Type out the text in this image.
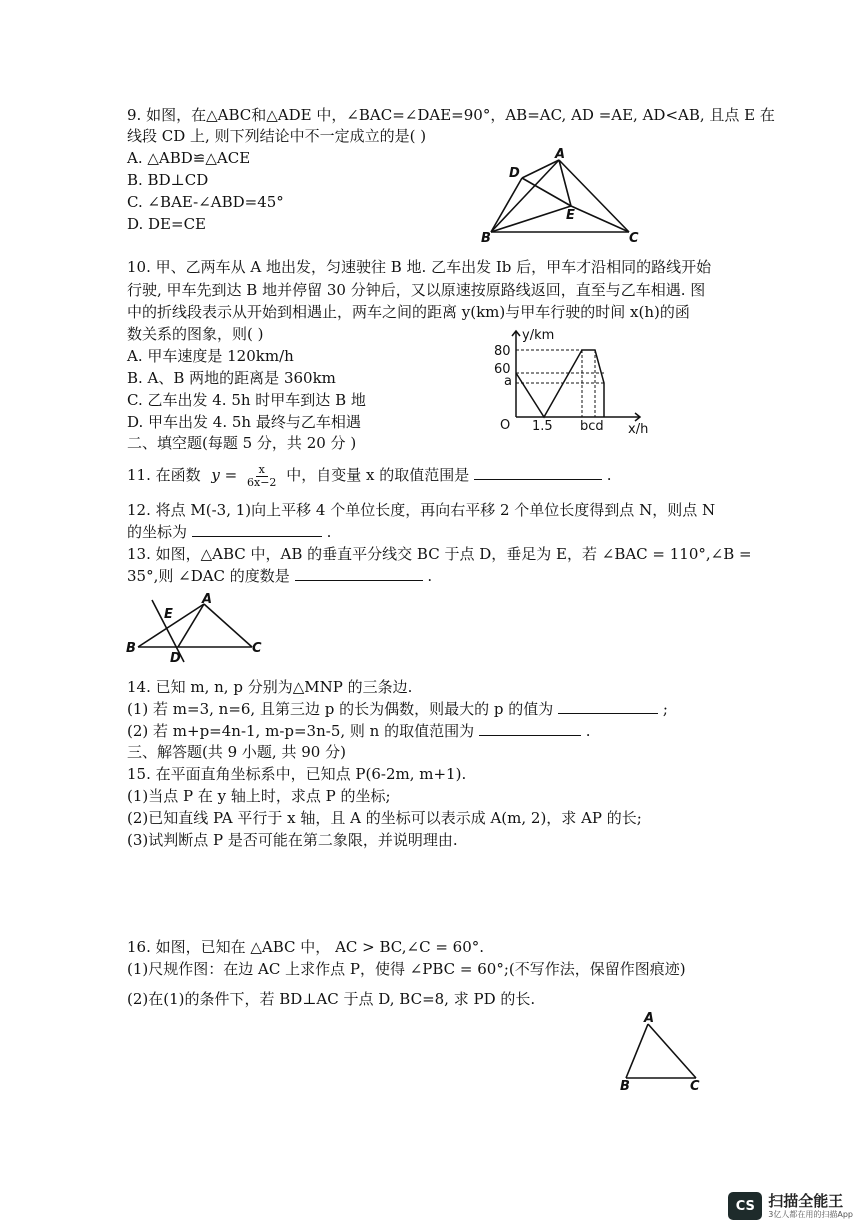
9. 如图，在△ABC和△ADE 中，∠BAC=∠DAE=90°，AB=AC, AD =AE, AD<AB, 且点 E 在
线段 CD 上, 则下列结论中不一定成立的是( )
A. △ABD≌△ACE
B. BD⊥CD
C. ∠BAE-∠ABD=45°
D. DE=CE
A
D
E
B	C
10. 甲、乙两车从 A 地出发，匀速驶往 B 地. 乙车出发 Ib 后，甲车才沿相同的路线开始
行驶, 甲车先到达 B 地并停留 30 分钟后，又以原速按原路线返回，直至与乙车相遇. 图
中的折线段表示从开始到相遇止，两车之间的距离 y(km)与甲车行驶的时间 x(h)的函
数关系的图象，则( )
A. 甲车速度是 120km/h
B. A、B 两地的距离是 360km
C. 乙车出发 4. 5h 时甲车到达 B 地
D. 甲车出发 4. 5h 最终与乙车相遇
y/km
x/h
O
80
60
a
1.5 bcd
二、填空题(每题 5 分，共 20 分 )
11. 在函数 $y = \frac{x}{6x-2}$ 中，自变量 x 的取值范围是	.
12. 将点 M(-3, 1)向上平移 4 个单位长度，再向右平移 2 个单位长度得到点 N，则点 N
的坐标为	.
13. 如图，△ABC 中，AB 的垂直平分线交 BC 于点 D，垂足为 E，若 ∠BAC = 110°,∠B =
35°,则 ∠DAC 的度数是	.
A
E
B	C
D
14. 已知 m, n, p 分别为△MNP 的三条边.
(1) 若 m=3, n=6, 且第三边 p 的长为偶数，则最大的 p 的值为	;
(2) 若 m+p=4n-1, m-p=3n-5, 则 n 的取值范围为	.
三、解答题(共 9 小题, 共 90 分)
15. 在平面直角坐标系中，已知点 P(6-2m, m+1).
(1)当点 P 在 y 轴上时，求点 P 的坐标;
(2)已知直线 PA 平行于 x 轴，且 A 的坐标可以表示成 A(m, 2)，求 AP 的长;
(3)试判断点 P 是否可能在第二象限，并说明理由.
16. 如图，已知在 △ABC 中， AC > BC,∠C = 60°.
(1)尺规作图：在边 AC 上求作点 P，使得 ∠PBC = 60°;(不写作法，保留作图痕迹)
(2)在(1)的条件下，若 BD⊥AC 于点 D, BC=8, 求 PD 的长.
A
B	C
CS 扫描全能王
3亿人都在用的扫描App
